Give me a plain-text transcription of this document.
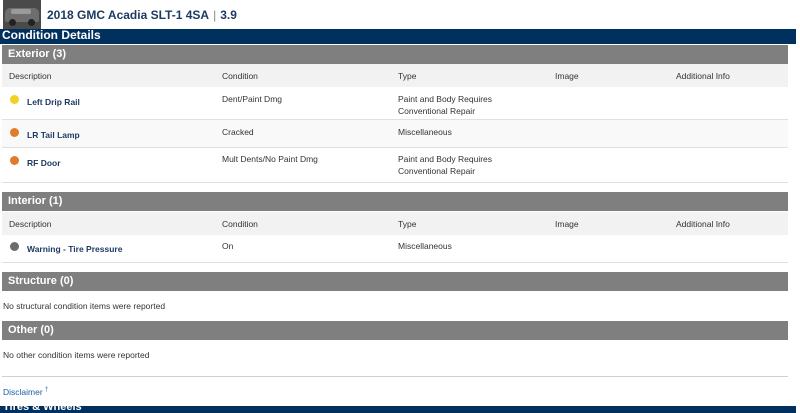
2018 GMC Acadia SLT-1 4SA | 3.9
Condition Details
Exterior (3)
Description	Condition	Type	Image	Additional Info
Left Drip Rail	Dent/Paint Dmg	Paint and Body Requires
Conventional Repair
LR Tail Lamp	Cracked	Miscellaneous
RF Door	Mult Dents/No Paint Dmg	Paint and Body Requires
Conventional Repair
Interior (1)
Description	Condition	Type	Image	Additional Info
Warning - Tire Pressure	On	Miscellaneous
Structure (0)
No structural condition items were reported
Other (0)
No other condition items were reported
Disclaimer †
Tires & Wheels
